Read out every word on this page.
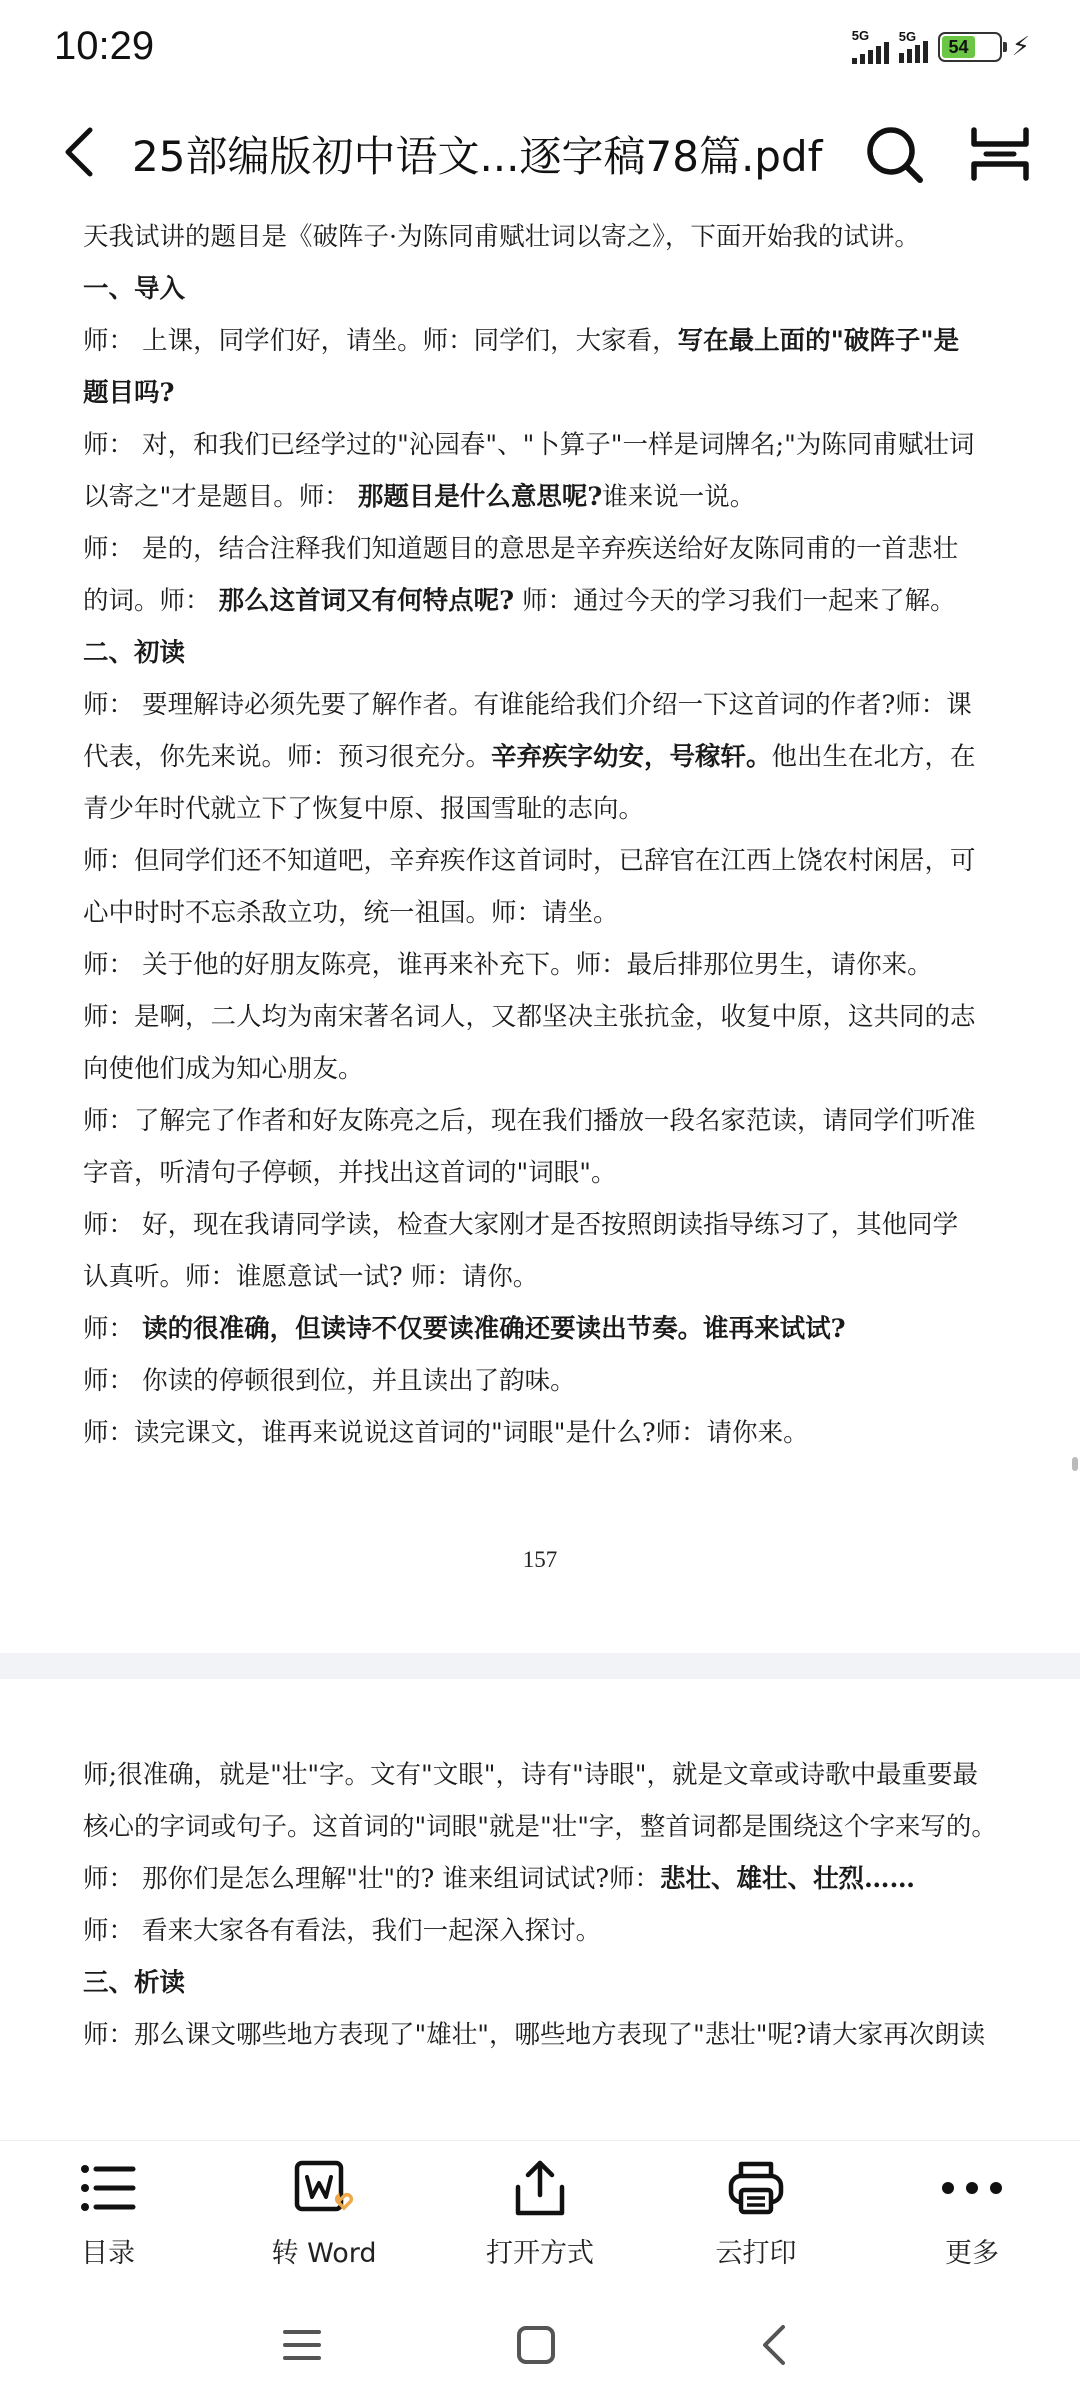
10:29	5G 5G	54 ⚡
25部编版初中语文...逐字稿78篇.pdf

天我试讲的题目是《破阵子·为陈同甫赋壮词以寄之》，下面开始我的试讲。

一、导入

师： 上课，同学们好，请坐。师：同学们，大家看，写在最上面的"破阵子"是

题目吗?

师： 对，和我们已经学过的"沁园春"、"卜算子"一样是词牌名;"为陈同甫赋壮词

以寄之"才是题目。师： 那题目是什么意思呢?谁来说一说。

师： 是的，结合注释我们知道题目的意思是辛弃疾送给好友陈同甫的一首悲壮

的词。师： 那么这首词又有何特点呢? 师：通过今天的学习我们一起来了解。

二、初读

师： 要理解诗必须先要了解作者。有谁能给我们介绍一下这首词的作者?师：课

代表，你先来说。师：预习很充分。辛弃疾字幼安，号稼轩。他出生在北方，在

青少年时代就立下了恢复中原、报国雪耻的志向。

师：但同学们还不知道吧，辛弃疾作这首词时，已辞官在江西上饶农村闲居，可

心中时时不忘杀敌立功，统一祖国。师：请坐。

师： 关于他的好朋友陈亮，谁再来补充下。师：最后排那位男生，请你来。

师：是啊，二人均为南宋著名词人，又都坚决主张抗金，收复中原，这共同的志

向使他们成为知心朋友。

师：了解完了作者和好友陈亮之后，现在我们播放一段名家范读，请同学们听准

字音，听清句子停顿，并找出这首词的"词眼"。

师： 好，现在我请同学读，检查大家刚才是否按照朗读指导练习了，其他同学

认真听。师：谁愿意试一试? 师：请你。

师： 读的很准确，但读诗不仅要读准确还要读出节奏。谁再来试试?

师： 你读的停顿很到位，并且读出了韵味。

师：读完课文，谁再来说说这首词的"词眼"是什么?师：请你来。

157

师;很准确，就是"壮"字。文有"文眼"，诗有"诗眼"，就是文章或诗歌中最重要最

核心的字词或句子。这首词的"词眼"就是"壮"字，整首词都是围绕这个字来写的。

师： 那你们是怎么理解"壮"的? 谁来组词试试?师：悲壮、雄壮、壮烈……

师： 看来大家各有看法，我们一起深入探讨。

三、析读

师：那么课文哪些地方表现了"雄壮"，哪些地方表现了"悲壮"呢?请大家再次朗读

目录	转 Word	打开方式	云打印	更多
